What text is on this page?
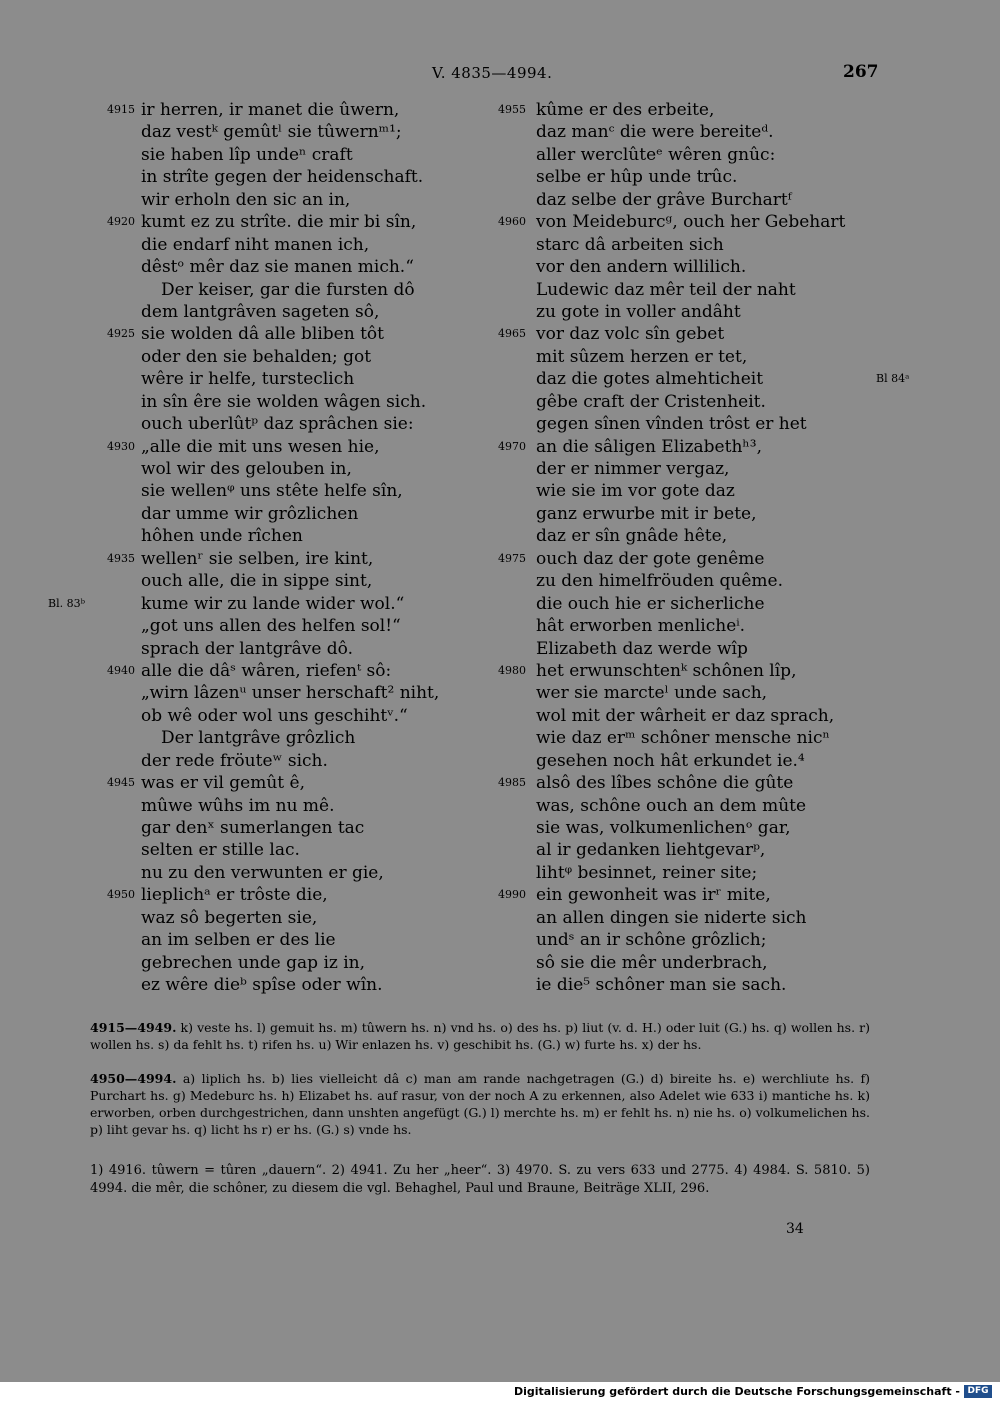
V. 4835—4994.	267
4915 ir herren, ir manet die ûwern,
daz vestᵏ gemûtˡ sie tûwernᵐ¹;
sie haben lîp undeⁿ craft
in strîte gegen der heidenschaft.
wir erholn den sic an in,
4920 kumt ez zu strîte. die mir bi sîn,
die endarf niht manen ich,
dêstᵒ mêr daz sie manen mich.“
Der keiser, gar die fursten dô
dem lantgrâven sageten sô,
4925 sie wolden dâ alle bliben tôt
oder den sie behalden; got
wêre ir helfe, tursteclich
in sîn êre sie wolden wâgen sich.
ouch uberlûtᵖ daz sprâchen sie:
4930 „alle die mit uns wesen hie,
wol wir des gelouben in,
sie wellenᵠ uns stête helfe sîn,
dar umme wir grôzlichen
hôhen unde rîchen
4935 wellenʳ sie selben, ire kint,
ouch alle, die in sippe sint,
Bl. 83ᵇ	kume wir zu lande wider wol.“
„got uns allen des helfen sol!“
sprach der lantgrâve dô.
4940 alle die dâˢ wâren, riefenᵗ sô:
„wirn lâzenᵘ unser herschaft² niht,
ob wê oder wol uns geschihtᵛ.“
Der lantgrâve grôzlich
der rede fröuteʷ sich.
4945 was er vil gemût ê,
mûwe wûhs im nu mê.
gar denˣ sumerlangen tac
selten er stille lac.
nu zu den verwunten er gie,
4950 lieplichᵃ er trôste die,
waz sô begerten sie,
an im selben er des lie
gebrechen unde gap iz in,
ez wêre dieᵇ spîse oder wîn.
4955 kûme er des erbeite,
daz manᶜ die were bereiteᵈ.
aller werclûteᵉ wêren gnûc:
selbe er hûp unde trûc.
daz selbe der grâve Burchartᶠ
4960 von Meideburcᵍ, ouch her Gebehart
starc dâ arbeiten sich
vor den andern willilich.
Ludewic daz mêr teil der naht
zu gote in voller andâht
4965 vor daz volc sîn gebet
mit sûzem herzen er tet,
Bl 84ᵃ
daz die gotes almehticheit
gêbe craft der Cristenheit.
gegen sînen vînden trôst er het
4970 an die sâligen Elizabethʰ³,
der er nimmer vergaz,
wie sie im vor gote daz
ganz erwurbe mit ir bete,
daz er sîn gnâde hête,
4975 ouch daz der gote genême
zu den himelfröuden quême.
die ouch hie er sicherliche
hât erworben menlicheⁱ.
Elizabeth daz werde wîp
4980 het erwunschtenᵏ schônen lîp,
wer sie marcteˡ unde sach,
wol mit der wârheit er daz sprach,
wie daz erᵐ schôner mensche nicⁿ
gesehen noch hât erkundet ie.⁴
4985 alsô des lîbes schône die gûte
was, schône ouch an dem mûte
sie was, volkumenlichenᵒ gar,
al ir gedanken liehtgevarᵖ,
lihtᵠ besinnet, reiner site;
4990 ein gewonheit was irʳ mite,
an allen dingen sie niderte sich
undˢ an ir schône grôzlich;
sô sie die mêr underbrach,
ie die⁵ schôner man sie sach.

4915—4949. k) veste hs. l) gemuit hs. m) tûwern hs. n) vnd hs. o) des hs. p) liut (v. d. H.) oder luit (G.) hs. q) wollen hs. r) wollen hs. s) da fehlt hs. t) rifen hs. u) Wir enlazen hs. v) geschibit hs. (G.) w) furte hs. x) der hs.

4950—4994. a) liplich hs. b) lies vielleicht dâ c) man am rande nachgetragen (G.) d) bireite hs. e) werchliute hs. f) Purchart hs. g) Medeburc hs. h) Elizabet hs. auf rasur, von der noch A zu erkennen, also Adelet wie 633 i) mantiche hs. k) erworben, orben durchgestrichen, dann unshten angefügt (G.) l) merchte hs. m) er fehlt hs. n) nie hs. o) volkumelichen hs. p) liht gevar hs. q) licht hs r) er hs. (G.) s) vnde hs.

1) 4916. tûwern = tûren „dauern“. 2) 4941. Zu her „heer“. 3) 4970. S. zu vers 633 und 2775. 4) 4984. S. 5810. 5) 4994. die mêr, die schôner, zu diesem die vgl. Behaghel, Paul und Braune, Beiträge XLII, 296.

34
Digitalisierung gefördert durch die Deutsche Forschungsgemeinschaft - DFG
